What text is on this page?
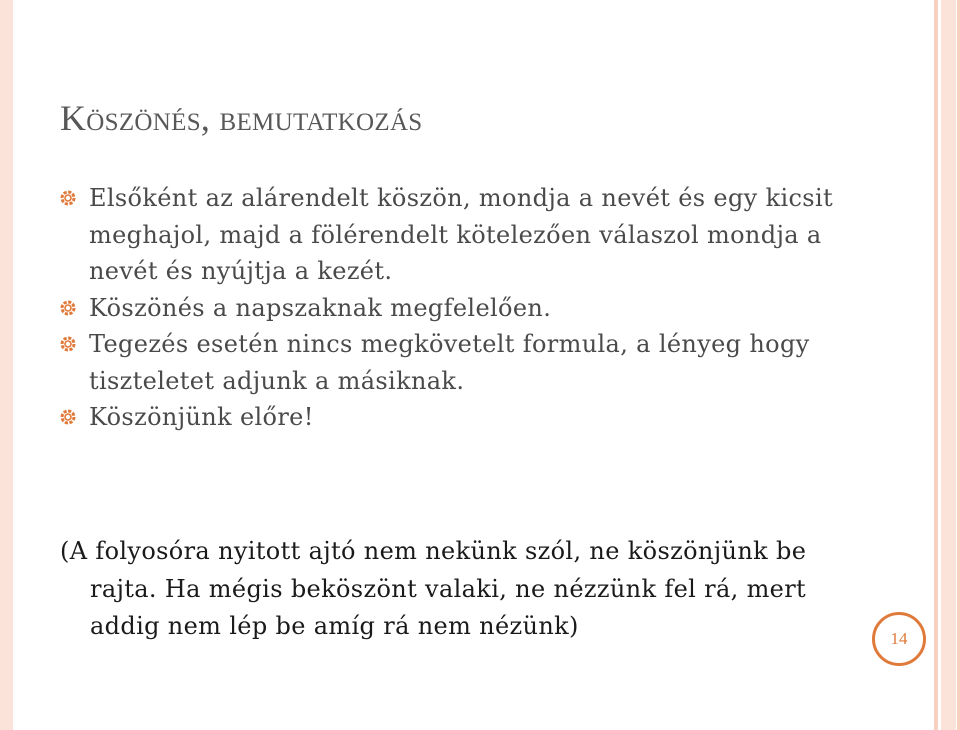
Köszönés, bemutatkozás
Elsőként az alárendelt köszön, mondja a nevét és egy kicsit meghajol, majd a fölérendelt kötelezően válaszol mondja a nevét és nyújtja a kezét.
Köszönés a napszaknak megfelelően.
Tegezés esetén nincs megkövetelt formula, a lényeg hogy tiszteletet adjunk a másiknak.
Köszönjünk előre!
(A folyosóra nyitott ajtó nem nekünk szól, ne köszönjünk be rajta. Ha mégis beköszönt valaki, ne nézzünk fel rá, mert addig nem lép be amíg rá nem nézünk)	14
